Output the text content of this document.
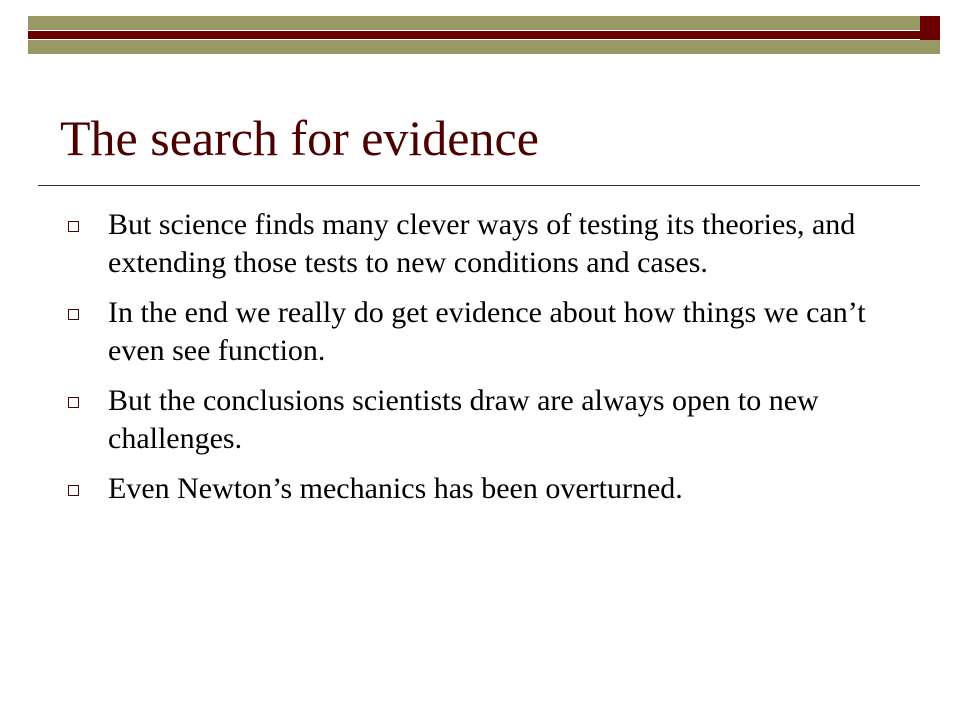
The search for evidence
But science finds many clever ways of testing its theories, and extending those tests to new conditions and cases.
In the end we really do get evidence about how things we can’t even see function.
But the conclusions scientists draw are always open to new challenges.
Even Newton’s mechanics has been overturned.
